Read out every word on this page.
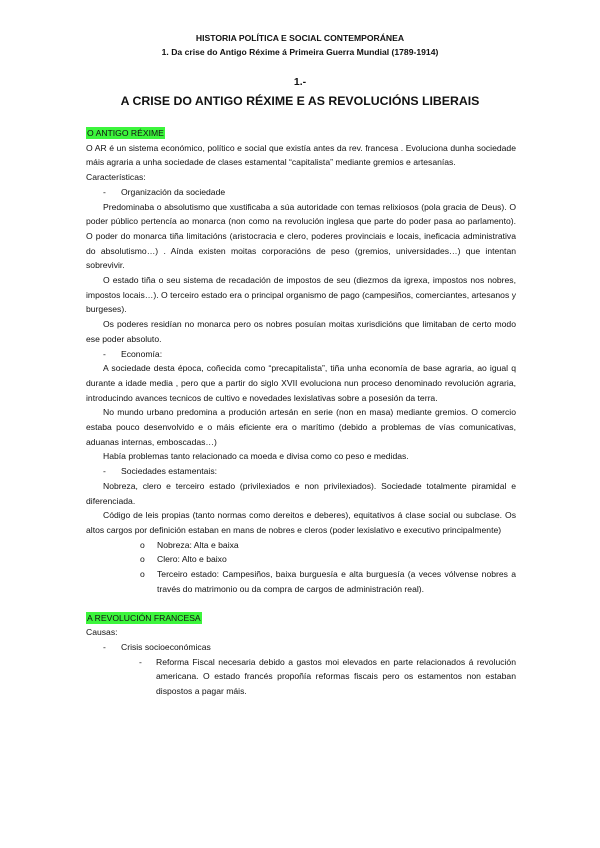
HISTORIA POLÍTICA E SOCIAL CONTEMPORÁNEA
1. Da crise do Antigo Réxime á Primeira Guerra Mundial (1789-1914)
1.-
A CRISE DO ANTIGO RÉXIME E AS REVOLUCIÓNS LIBERAIS
O ANTIGO RÉXIME

O AR é un sistema económico, político e social que existía antes da rev. francesa . Evoluciona dunha sociedade máis agraria a unha sociedade de clases estamental “capitalista” mediante gremios e artesanías.

Características:
- Organización da sociedade

Predominaba o absolutismo que xustificaba a súa autoridade con temas relixiosos (pola gracia de Deus). O poder público pertencía ao monarca (non como na revolución inglesa que parte do poder pasa ao parlamento). O poder do monarca tiña limitacións (aristocracia e clero, poderes provinciais e locais, ineficacia administrativa do absolutismo…) . Aínda existen moitas corporacións de peso (gremios, universidades…) que intentan sobrevivir.

O estado tiña o seu sistema de recadación de impostos de seu (diezmos da igrexa, impostos nos nobres, impostos locais…). O terceiro estado era o principal organismo de pago (campesiños, comerciantes, artesanos y burgeses).

Os poderes residían no monarca pero os nobres posuían moitas xurisdicións que limitaban de certo modo ese poder absoluto.

- Economía:

A sociedade desta época, coñecida como “precapitalista”, tiña unha economía de base agraria, ao igual q durante a idade media , pero que a partir do siglo XVII evoluciona nun proceso denominado revolución agraria, introducindo avances tecnicos de cultivo e novedades lexislativas sobre a posesión da terra.

No mundo urbano predomina a produción artesán en serie (non en masa) mediante gremios. O comercio estaba pouco desenvolvido e o máis eficiente era o marítimo (debido a problemas de vías comunicativas, aduanas internas, emboscadas…)

Había problemas tanto relacionado ca moeda e divisa como co peso e medidas.

- Sociedades estamentais:

Nobreza, clero e terceiro estado (privilexiados e non privilexiados). Sociedade totalmente piramidal e diferenciada.

Código de leis propias (tanto normas como dereitos e deberes), equitativos á clase social ou subclase. Os altos cargos por definición estaban en mans de nobres e cleros (poder lexislativo e executivo principalmente)

o Nobreza: Alta e baixa
o Clero: Alto e baixo
o Terceiro estado: Campesiños, baixa burguesía e alta burguesía (a veces vólvense nobres a través do matrimonio ou da compra de cargos de administración real).
A REVOLUCIÓN FRANCESA
Causas:
- Crisis socioeconómicas
- Reforma Fiscal necesaria debido a gastos moi elevados en parte relacionados á revolución americana. O estado francés propoñía reformas fiscais pero os estamentos non estaban dispostos a pagar máis.
